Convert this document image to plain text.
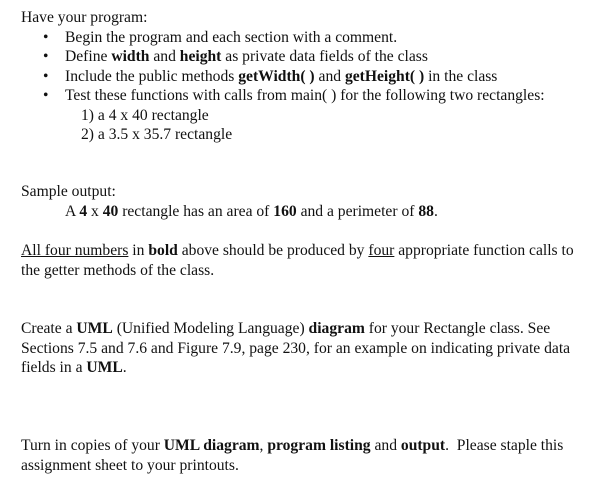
Have your program:
• Begin the program and each section with a comment.
• Define width and height as private data fields of the class
• Include the public methods getWidth( ) and getHeight( ) in the class
• Test these functions with calls from main( ) for the following two rectangles:
1) a 4 x 40 rectangle
2) a 3.5 x 35.7 rectangle
Sample output:
A 4 x 40 rectangle has an area of 160 and a perimeter of 88.
All four numbers in bold above should be produced by four appropriate function calls to the getter methods of the class.
Create a UML (Unified Modeling Language) diagram for your Rectangle class. See Sections 7.5 and 7.6 and Figure 7.9, page 230, for an example on indicating private data fields in a UML.
Turn in copies of your UML diagram, program listing and output.  Please staple this assignment sheet to your printouts.
